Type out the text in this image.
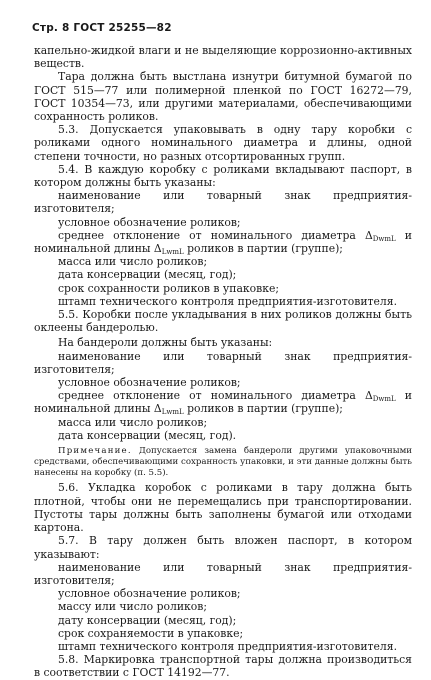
Стр. 8 ГОСТ 25255—82

капельно-жидкой влаги и не выделяющие коррозионно-активных веществ.

Тара должна быть выстлана изнутри битумной бумагой по ГОСТ 515—77 или полимерной пленкой по ГОСТ 16272—79, ГОСТ 10354—73, или другими материалами, обеспечивающими сохранность роликов.

5.3. Допускается упаковывать в одну тару коробки с роликами одного номинального диаметра и длины, одной степени точности, но разных отсортированных групп.

5.4. В каждую коробку с роликами вкладывают паспорт, в котором должны быть указаны:

наименование или товарный знак предприятия-изготовителя;

условное обозначение роликов;

среднее отклонение от номинального диаметра $\Delta_{DwmL}$ и номинальной длины $\Delta_{LwmL}$ роликов в партии (группе);

масса или число роликов;

дата консервации (месяц, год);

срок сохранности роликов в упаковке;

штамп технического контроля предприятия-изготовителя.

5.5. Коробки после укладывания в них роликов должны быть оклеены бандеролью.

На бандероли должны быть указаны:

наименование или товарный знак предприятия-изготовителя;

условное обозначение роликов;

среднее отклонение от номинального диаметра $\Delta_{DwmL}$ и номинальной длины $\Delta_{LwmL}$ роликов в партии (группе);

масса или число роликов;

дата консервации (месяц, год).

Примечание. Допускается замена бандероли другими упаковочными средствами, обеспечивающими сохранность упаковки, и эти данные должны быть нанесены на коробку (п. 5.5).

5.6. Укладка коробок с роликами в тару должна быть плотной, чтобы они не перемещались при транспортировании. Пустоты тары должны быть заполнены бумагой или отходами картона.

5.7. В тару должен быть вложен паспорт, в котором указывают:

наименование или товарный знак предприятия-изготовителя;

условное обозначение роликов;

массу или число роликов;

дату консервации (месяц, год);

срок сохраняемости в упаковке;

штамп технического контроля предприятия-изготовителя.

5.8. Маркировка транспортной тары должна производиться в соответствии с ГОСТ 14192—77.
